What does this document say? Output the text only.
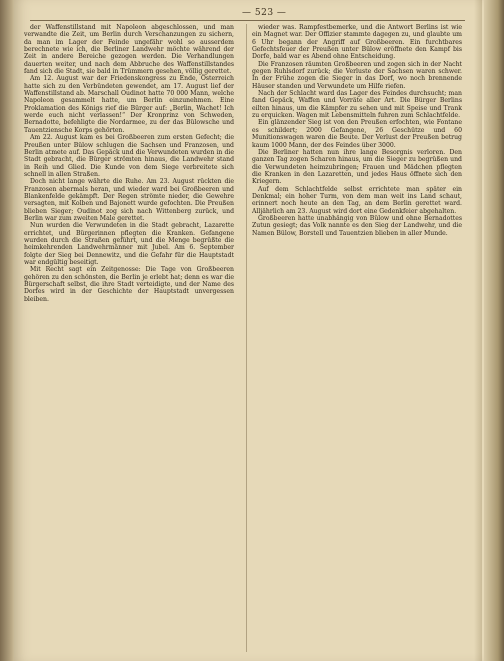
— 523 —

der Waffenstillstand mit Napoleon abgeschlossen, und man verwandte die Zeit, um Berlin durch Verschanzungen zu sichern, da man im Lager der Feinde ungefähr wohl so ausserdem berechnete wie ich, die Berliner Landwehr möchte während der Zeit in andere Bereiche gezogen werden. Die Verhandlungen dauerten weiter, und nach dem Abbruche des Waffenstillstandes fand sich die Stadt, sie bald in Trümmern gesehen, völlig gerettet.

Am 12. August war der Friedenskongress zu Ende, Österreich hatte sich zu den Verbündeten gewendet, am 17. August lief der Waffenstillstand ab. Marschall Oudinot hatte 70 000 Mann, welche Napoleon gesammelt hatte, um Berlin einzunehmen. Eine Proklamation des Königs rief die Bürger auf: „Berlin, Wachet! Ich werde euch nicht verlassen!“ Der Kronprinz von Schweden, Bernadotte, befehligte die Nordarmee, zu der das Bülowsche und Tauentziensche Korps gehörten.

Am 22. August kam es bei Großbeeren zum ersten Gefecht; die Preußen unter Bülow schlugen die Sachsen und Franzosen, und Berlin atmete auf. Das Gepäck und die Verwundeten wurden in die Stadt gebracht, die Bürger strömten hinaus, die Landwehr stand in Reih und Glied. Die Kunde von dem Siege verbreitete sich schnell in allen Straßen.

Doch nicht lange währte die Ruhe. Am 23. August rückten die Franzosen abermals heran, und wieder ward bei Großbeeren und Blankenfelde gekämpft. Der Regen strömte nieder, die Gewehre versagten, mit Kolben und Bajonett wurde gefochten. Die Preußen blieben Sieger; Oudinot zog sich nach Wittenberg zurück, und Berlin war zum zweiten Male gerettet.

Nun wurden die Verwundeten in die Stadt gebracht, Lazarette errichtet, und Bürgerinnen pflegten die Kranken. Gefangene wurden durch die Straßen geführt, und die Menge begrüßte die heimkehrenden Landwehrmänner mit Jubel. Am 6. September folgte der Sieg bei Dennewitz, und die Gefahr für die Hauptstadt war endgültig beseitigt.

Mit Recht sagt ein Zeitgenosse: Die Tage von Großbeeren gehören zu den schönsten, die Berlin je erlebt hat; denn es war die Bürgerschaft selbst, die ihre Stadt verteidigte, und der Name des Dorfes wird in der Geschichte der Hauptstadt unvergessen bleiben.

wieder was. Rampfestbemerke, und die Antwort Berlins ist wie ein Magnet war. Der Offizier stammte dagegen zu, und glaubte um 6 Uhr begann der Angriff auf Großbeeren. Ein furchtbares Gefechtsfeuer der Preußen unter Bülow eröffnete den Kampf bis Dorfe, bald war es Abend ohne Entscheidung.

Die Franzosen räumten Großbeeren und zogen sich in der Nacht gegen Ruhlsdorf zurück; die Verluste der Sachsen waren schwer. In der Frühe zogen die Sieger in das Dorf, wo noch brennende Häuser standen und Verwundete um Hilfe riefen.

Nach der Schlacht ward das Lager des Feindes durchsucht; man fand Gepäck, Waffen und Vorräte aller Art. Die Bürger Berlins eilten hinaus, um die Kämpfer zu sehen und mit Speise und Trank zu erquicken. Wagen mit Lebensmitteln fuhren zum Schlachtfelde.

Ein glänzender Sieg ist von den Preußen erfochten, wie Fontane es schildert; 2000 Gefangene, 26 Geschütze und 60 Munitionswagen waren die Beute. Der Verlust der Preußen betrug kaum 1000 Mann, der des Feindes über 3000.

Die Berliner hatten nun ihre lange Besorgnis verloren. Den ganzen Tag zogen Scharen hinaus, um die Sieger zu begrüßen und die Verwundeten heimzubringen; Frauen und Mädchen pflegten die Kranken in den Lazaretten, und jedes Haus öffnete sich den Kriegern.

Auf dem Schlachtfelde selbst errichtete man später ein Denkmal; ein hoher Turm, von dem man weit ins Land schaut, erinnert noch heute an den Tag, an dem Berlin gerettet ward. Alljährlich am 23. August wird dort eine Gedenkfeier abgehalten.

Großbeeren hatte unabhängig von Bülow und ohne Bernadottes Zutun gesiegt; das Volk nannte es den Sieg der Landwehr, und die Namen Bülow, Borstell und Tauentzien blieben in aller Munde.
